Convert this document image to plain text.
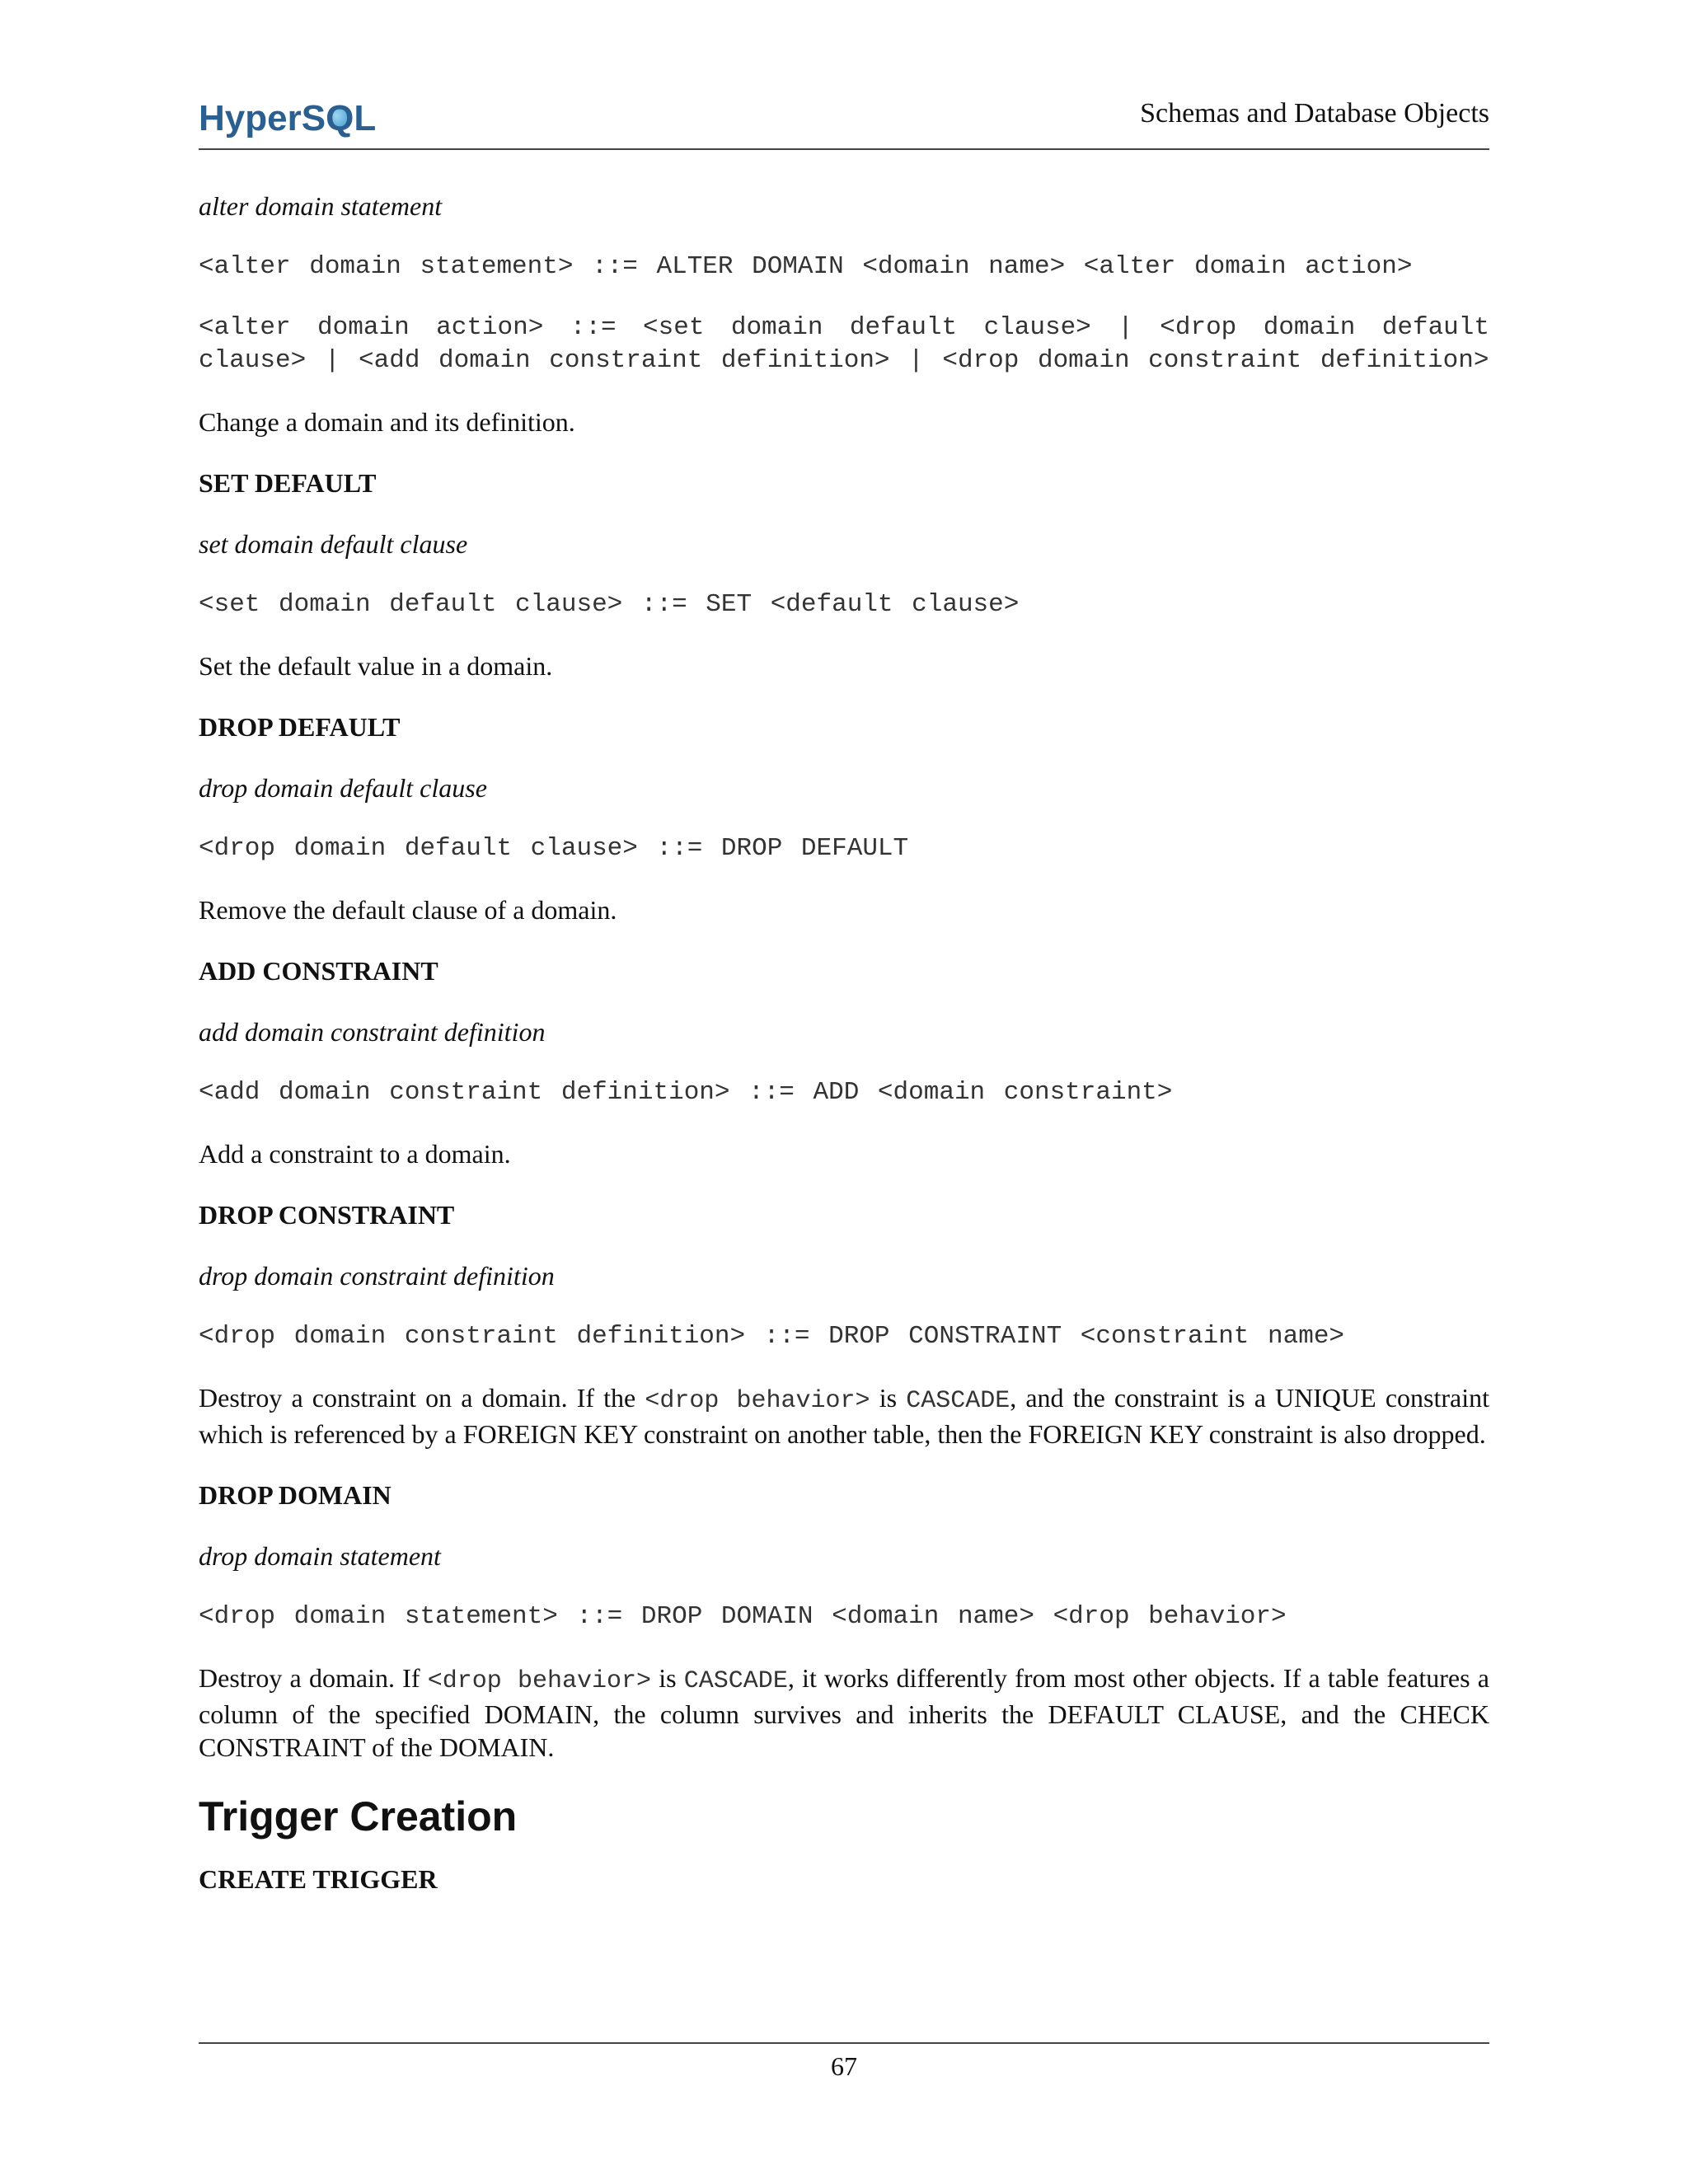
HyperS
QL	Schemas and Database Objects
alter domain statement
<alter domain statement> ::= ALTER DOMAIN <domain name> <alter domain action>
<alter domain action> ::= <set domain default clause> | <drop domain default clause> | <add domain constraint definition> | <drop domain constraint definition>
Change a domain and its definition.
SET DEFAULT
set domain default clause
<set domain default clause> ::= SET <default clause>
Set the default value in a domain.
DROP DEFAULT
drop domain default clause
<drop domain default clause> ::= DROP DEFAULT
Remove the default clause of a domain.
ADD CONSTRAINT
add domain constraint definition
<add domain constraint definition> ::= ADD <domain constraint>
Add a constraint to a domain.
DROP CONSTRAINT
drop domain constraint definition
<drop domain constraint definition> ::= DROP CONSTRAINT <constraint name>
Destroy a constraint on a domain. If the <drop behavior> is CASCADE, and the constraint is a UNIQUE constraint which is referenced by a FOREIGN KEY constraint on another table, then the FOREIGN KEY constraint is also dropped.
DROP DOMAIN
drop domain statement
<drop domain statement> ::= DROP DOMAIN <domain name> <drop behavior>
Destroy a domain. If <drop behavior> is CASCADE, it works differently from most other objects. If a table features a column of the specified DOMAIN, the column survives and inherits the DEFAULT CLAUSE, and the CHECK CONSTRAINT of the DOMAIN.
Trigger Creation
CREATE TRIGGER
67
